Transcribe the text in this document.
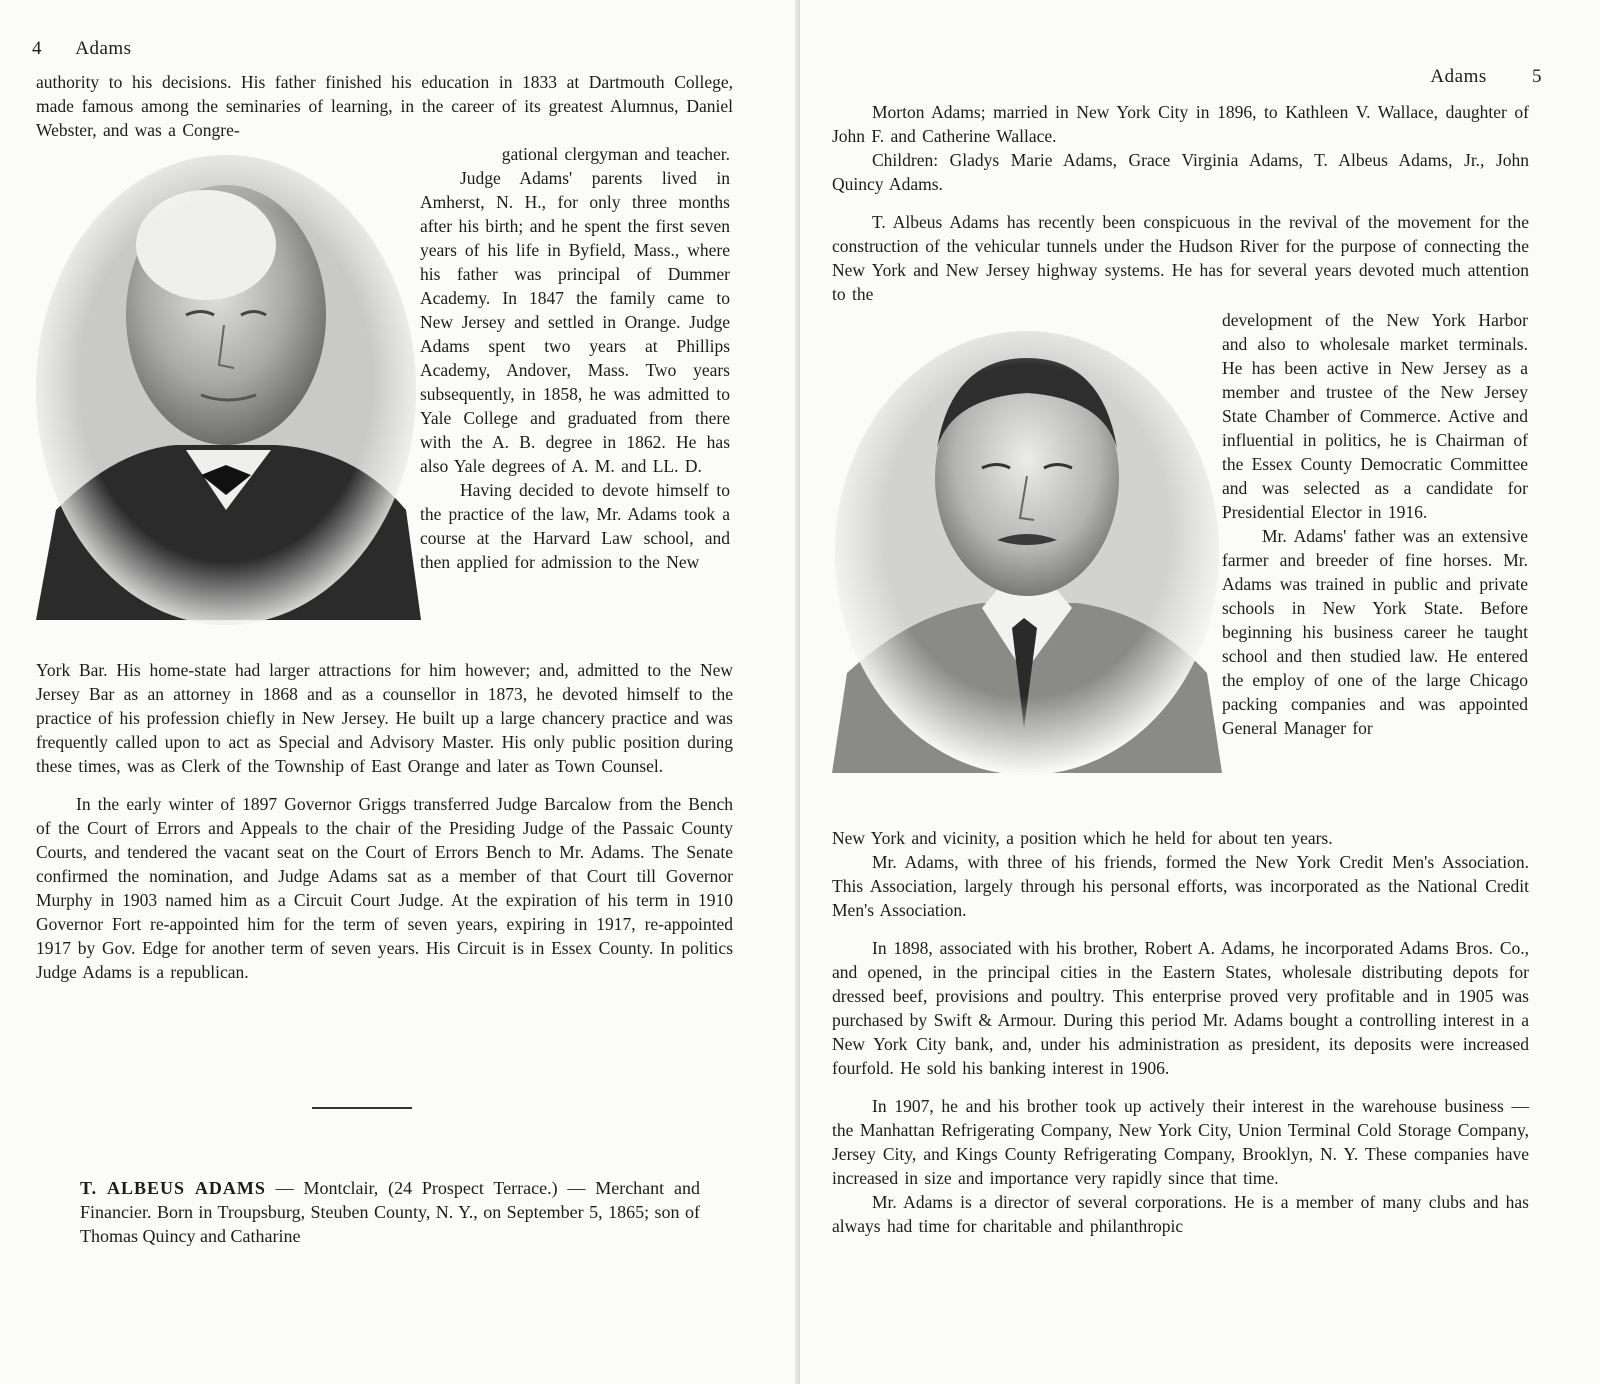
4 Adams

authority to his decisions. His father finished his education in 1833 at Dartmouth College, made famous among the seminaries of learning, in the career of its greatest Alumnus, Daniel Webster, and was a Congre-

gational clergyman and teacher.

Judge Adams' parents lived in Amherst, N. H., for only three months after his birth; and he spent the first seven years of his life in Byfield, Mass., where his father was principal of Dummer Academy. In 1847 the family came to New Jersey and settled in Orange. Judge Adams spent two years at Phillips Academy, Andover, Mass. Two years subsequently, in 1858, he was admitted to Yale College and graduated from there with the A. B. degree in 1862. He has also Yale degrees of A. M. and LL. D.

Having decided to devote himself to the practice of the law, Mr. Adams took a course at the Harvard Law school, and then applied for admission to the New

York Bar. His home-state had larger attractions for him however; and, admitted to the New Jersey Bar as an attorney in 1868 and as a counsellor in 1873, he devoted himself to the practice of his profession chiefly in New Jersey. He built up a large chancery practice and was frequently called upon to act as Special and Advisory Master. His only public position during these times, was as Clerk of the Township of East Orange and later as Town Counsel.

In the early winter of 1897 Governor Griggs transferred Judge Barcalow from the Bench of the Court of Errors and Appeals to the chair of the Presiding Judge of the Passaic County Courts, and tendered the vacant seat on the Court of Errors Bench to Mr. Adams. The Senate confirmed the nomination, and Judge Adams sat as a member of that Court till Governor Murphy in 1903 named him as a Circuit Court Judge. At the expiration of his term in 1910 Governor Fort re-appointed him for the term of seven years, expiring in 1917, re-appointed 1917 by Gov. Edge for another term of seven years. His Circuit is in Essex County. In politics Judge Adams is a republican.

T. ALBEUS ADAMS — Montclair, (24 Prospect Terrace.) — Merchant and Financier. Born in Troupsburg, Steuben County, N. Y., on September 5, 1865; son of Thomas Quincy and Catharine
Adams 5

Morton Adams; married in New York City in 1896, to Kathleen V. Wallace, daughter of John F. and Catherine Wallace.

Children: Gladys Marie Adams, Grace Virginia Adams, T. Albeus Adams, Jr., John Quincy Adams.

T. Albeus Adams has recently been conspicuous in the revival of the movement for the construction of the vehicular tunnels under the Hudson River for the purpose of connecting the New York and New Jersey highway systems. He has for several years devoted much attention to the

development of the New York Harbor and also to wholesale market terminals. He has been active in New Jersey as a member and trustee of the New Jersey State Chamber of Commerce. Active and influential in politics, he is Chairman of the Essex County Democratic Committee and was selected as a candidate for Presidential Elector in 1916.

Mr. Adams' father was an extensive farmer and breeder of fine horses. Mr. Adams was trained in public and private schools in New York State. Before beginning his business career he taught school and then studied law. He entered the employ of one of the large Chicago packing companies and was appointed General Manager for

New York and vicinity, a position which he held for about ten years.

Mr. Adams, with three of his friends, formed the New York Credit Men's Association. This Association, largely through his personal efforts, was incorporated as the National Credit Men's Association.

In 1898, associated with his brother, Robert A. Adams, he incorporated Adams Bros. Co., and opened, in the principal cities in the Eastern States, wholesale distributing depots for dressed beef, provisions and poultry. This enterprise proved very profitable and in 1905 was purchased by Swift & Armour. During this period Mr. Adams bought a controlling interest in a New York City bank, and, under his administration as president, its deposits were increased fourfold. He sold his banking interest in 1906.

In 1907, he and his brother took up actively their interest in the warehouse business — the Manhattan Refrigerating Company, New York City, Union Terminal Cold Storage Company, Jersey City, and Kings County Refrigerating Company, Brooklyn, N. Y. These companies have increased in size and importance very rapidly since that time.

Mr. Adams is a director of several corporations. He is a member of many clubs and has always had time for charitable and philanthropic
